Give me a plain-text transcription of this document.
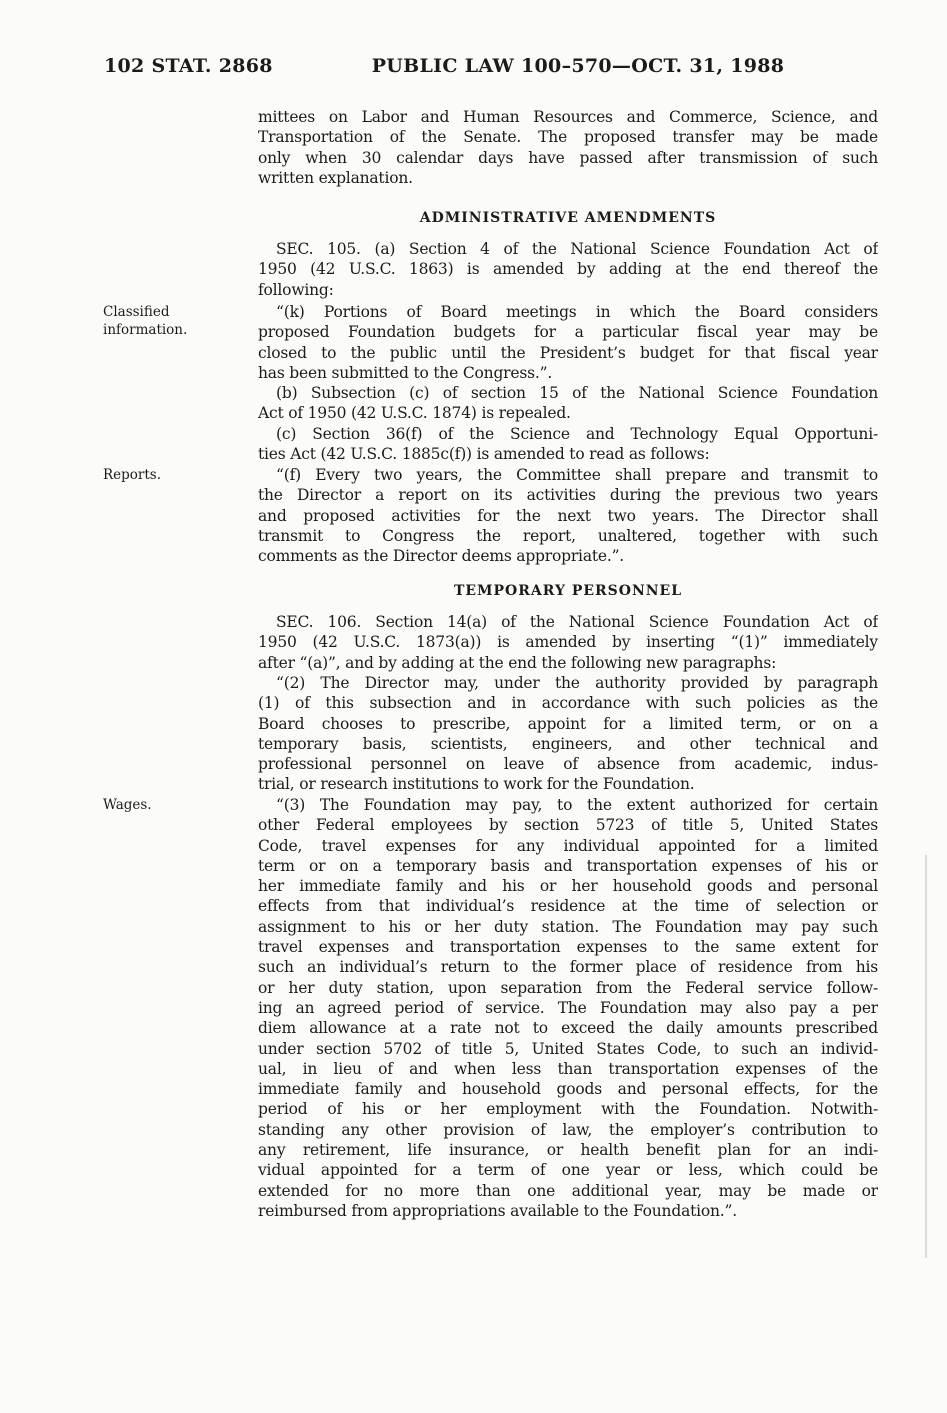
102 STAT. 2868	PUBLIC LAW 100–570—OCT. 31, 1988
mittees on Labor and Human Resources and Commerce, Science, and
Transportation of the Senate. The proposed transfer may be made
only when 30 calendar days have passed after transmission of such
written explanation.
ADMINISTRATIVE AMENDMENTS
SEC. 105. (a) Section 4 of the National Science Foundation Act of
1950 (42 U.S.C. 1863) is amended by adding at the end thereof the
following:
Classified information.
“(k) Portions of Board meetings in which the Board considers
proposed Foundation budgets for a particular fiscal year may be
closed to the public until the President’s budget for that fiscal year
has been submitted to the Congress.”.
(b) Subsection (c) of section 15 of the National Science Foundation
Act of 1950 (42 U.S.C. 1874) is repealed.
(c) Section 36(f) of the Science and Technology Equal Opportuni-
ties Act (42 U.S.C. 1885c(f)) is amended to read as follows:
Reports.	“(f) Every two years, the Committee shall prepare and transmit to
the Director a report on its activities during the previous two years
and proposed activities for the next two years. The Director shall
transmit to Congress the report, unaltered, together with such
comments as the Director deems appropriate.”.
TEMPORARY PERSONNEL
SEC. 106. Section 14(a) of the National Science Foundation Act of
1950 (42 U.S.C. 1873(a)) is amended by inserting “(1)” immediately
after “(a)”, and by adding at the end the following new paragraphs:
“(2) The Director may, under the authority provided by paragraph
(1) of this subsection and in accordance with such policies as the
Board chooses to prescribe, appoint for a limited term, or on a
temporary basis, scientists, engineers, and other technical and
professional personnel on leave of absence from academic, indus-
trial, or research institutions to work for the Foundation.
Wages.	“(3) The Foundation may pay, to the extent authorized for certain
other Federal employees by section 5723 of title 5, United States
Code, travel expenses for any individual appointed for a limited
term or on a temporary basis and transportation expenses of his or
her immediate family and his or her household goods and personal
effects from that individual’s residence at the time of selection or
assignment to his or her duty station. The Foundation may pay such
travel expenses and transportation expenses to the same extent for
such an individual’s return to the former place of residence from his
or her duty station, upon separation from the Federal service follow-
ing an agreed period of service. The Foundation may also pay a per
diem allowance at a rate not to exceed the daily amounts prescribed
under section 5702 of title 5, United States Code, to such an individ-
ual, in lieu of and when less than transportation expenses of the
immediate family and household goods and personal effects, for the
period of his or her employment with the Foundation. Notwith-
standing any other provision of law, the employer’s contribution to
any retirement, life insurance, or health benefit plan for an indi-
vidual appointed for a term of one year or less, which could be
extended for no more than one additional year, may be made or
reimbursed from appropriations available to the Foundation.”.
